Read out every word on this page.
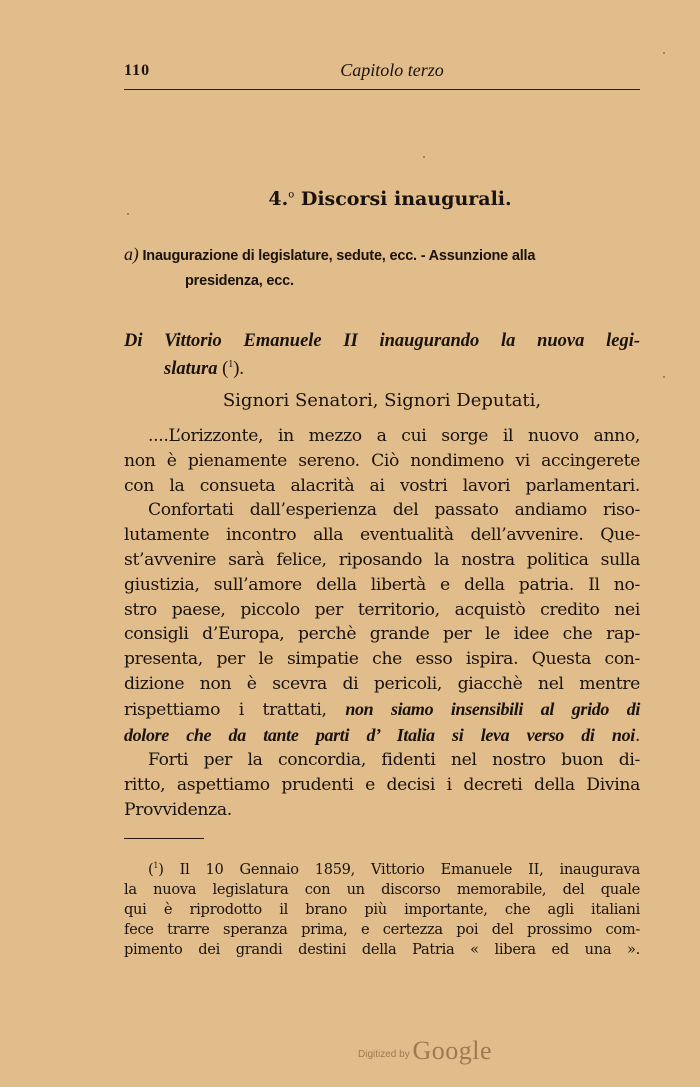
110	Capitolo terzo
4.$^o$ Discorsi inaugurali.
a) Inaugurazione di legislature, sedute, ecc. - Assunzione alla
presidenza, ecc.
Di Vittorio Emanuele II inaugurando la nuova legi-
slatura ($^1$).
Signori Senatori, Signori Deputati,
....L’orizzonte, in mezzo a cui sorge il nuovo anno,
non è pienamente sereno. Ciò nondimeno vi accingerete
con la consueta alacrità ai vostri lavori parlamentari.
Confortati dall’esperienza del passato andiamo riso-
lutamente incontro alla eventualità dell’avvenire. Que-
st’avvenire sarà felice, riposando la nostra politica sulla
giustizia, sull’amore della libertà e della patria. Il no-
stro paese, piccolo per territorio, acquistò credito nei
consigli d’Europa, perchè grande per le idee che rap-
presenta, per le simpatie che esso ispira. Questa con-
dizione non è scevra di pericoli, giacchè nel mentre
rispettiamo i trattati, non siamo insensibili al grido di
dolore che da tante parti d’ Italia si leva verso di noi.
Forti per la concordia, fidenti nel nostro buon di-
ritto, aspettiamo prudenti e decisi i decreti della Divina
Provvidenza.
($^1$) Il 10 Gennaio 1859, Vittorio Emanuele II, inaugurava
la nuova legislatura con un discorso memorabile, del quale
qui è riprodotto il brano più importante, che agli italiani
fece trarre speranza prima, e certezza poi del prossimo com-
pimento dei grandi destini della Patria « libera ed una ».
Digitized by Google
